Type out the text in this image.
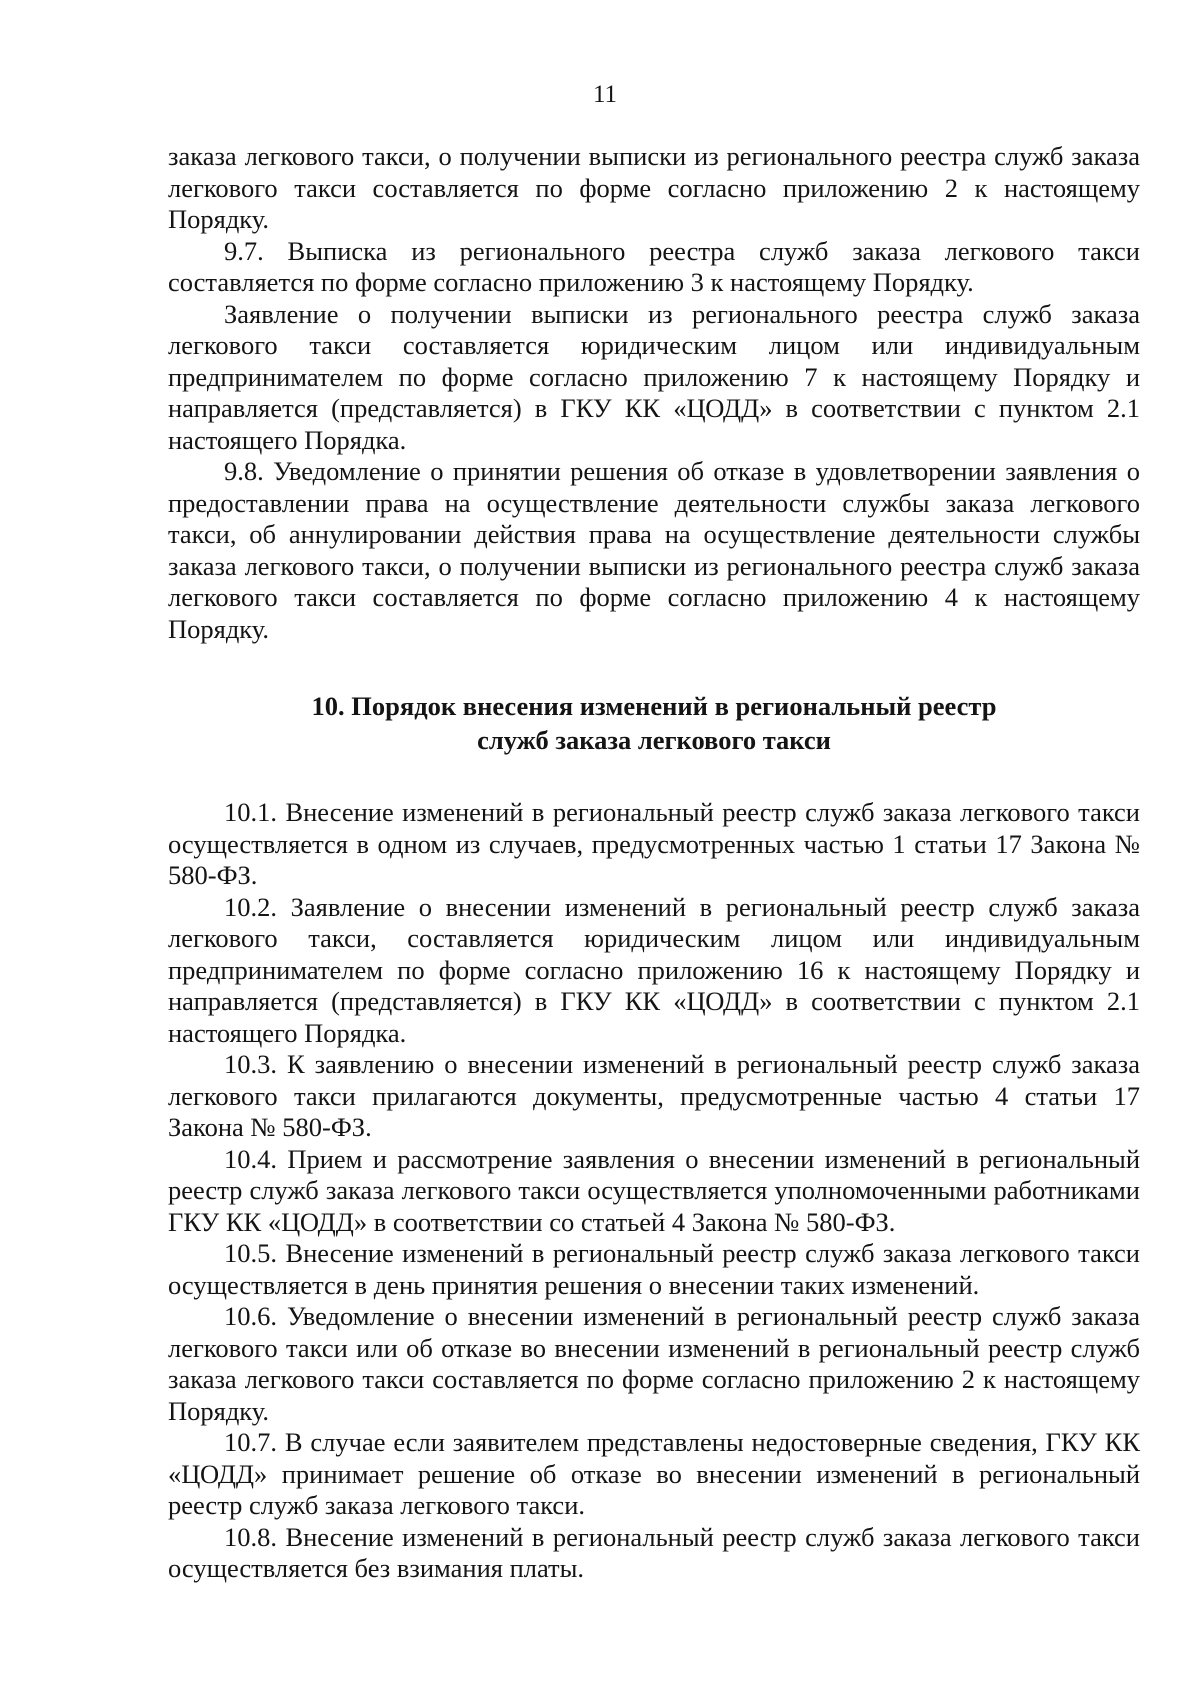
11

заказа легкового такси, о получении выписки из регионального реестра служб заказа легкового такси составляется по форме согласно приложению 2 к настоящему Порядку.

9.7. Выписка из регионального реестра служб заказа легкового такси составляется по форме согласно приложению 3 к настоящему Порядку.

Заявление о получении выписки из регионального реестра служб заказа легкового такси составляется юридическим лицом или индивидуальным предпринимателем по форме согласно приложению 7 к настоящему Порядку и направляется (представляется) в ГКУ КК «ЦОДД» в соответствии с пунктом 2.1 настоящего Порядка.

9.8. Уведомление о принятии решения об отказе в удовлетворении заявления о предоставлении права на осуществление деятельности службы заказа легкового такси, об аннулировании действия права на осуществление деятельности службы заказа легкового такси, о получении выписки из регионального реестра служб заказа легкового такси составляется по форме согласно приложению 4 к настоящему Порядку.

10. Порядок внесения изменений в региональный реестр
служб заказа легкового такси

10.1. Внесение изменений в региональный реестр служб заказа легкового такси осуществляется в одном из случаев, предусмотренных частью 1 статьи 17 Закона № 580-ФЗ.

10.2. Заявление о внесении изменений в региональный реестр служб заказа легкового такси, составляется юридическим лицом или индивидуальным предпринимателем по форме согласно приложению 16 к настоящему Порядку и направляется (представляется) в ГКУ КК «ЦОДД» в соответствии с пунктом 2.1 настоящего Порядка.

10.3. К заявлению о внесении изменений в региональный реестр служб заказа легкового такси прилагаются документы, предусмотренные частью 4 статьи 17 Закона № 580-ФЗ.

10.4. Прием и рассмотрение заявления о внесении изменений в региональный реестр служб заказа легкового такси осуществляется уполномоченными работниками ГКУ КК «ЦОДД» в соответствии со статьей 4 Закона № 580-ФЗ.

10.5. Внесение изменений в региональный реестр служб заказа легкового такси осуществляется в день принятия решения о внесении таких изменений.

10.6. Уведомление о внесении изменений в региональный реестр служб заказа легкового такси или об отказе во внесении изменений в региональный реестр служб заказа легкового такси составляется по форме согласно приложению 2 к настоящему Порядку.

10.7. В случае если заявителем представлены недостоверные сведения, ГКУ КК «ЦОДД» принимает решение об отказе во внесении изменений в региональный реестр служб заказа легкового такси.

10.8. Внесение изменений в региональный реестр служб заказа легкового такси осуществляется без взимания платы.
